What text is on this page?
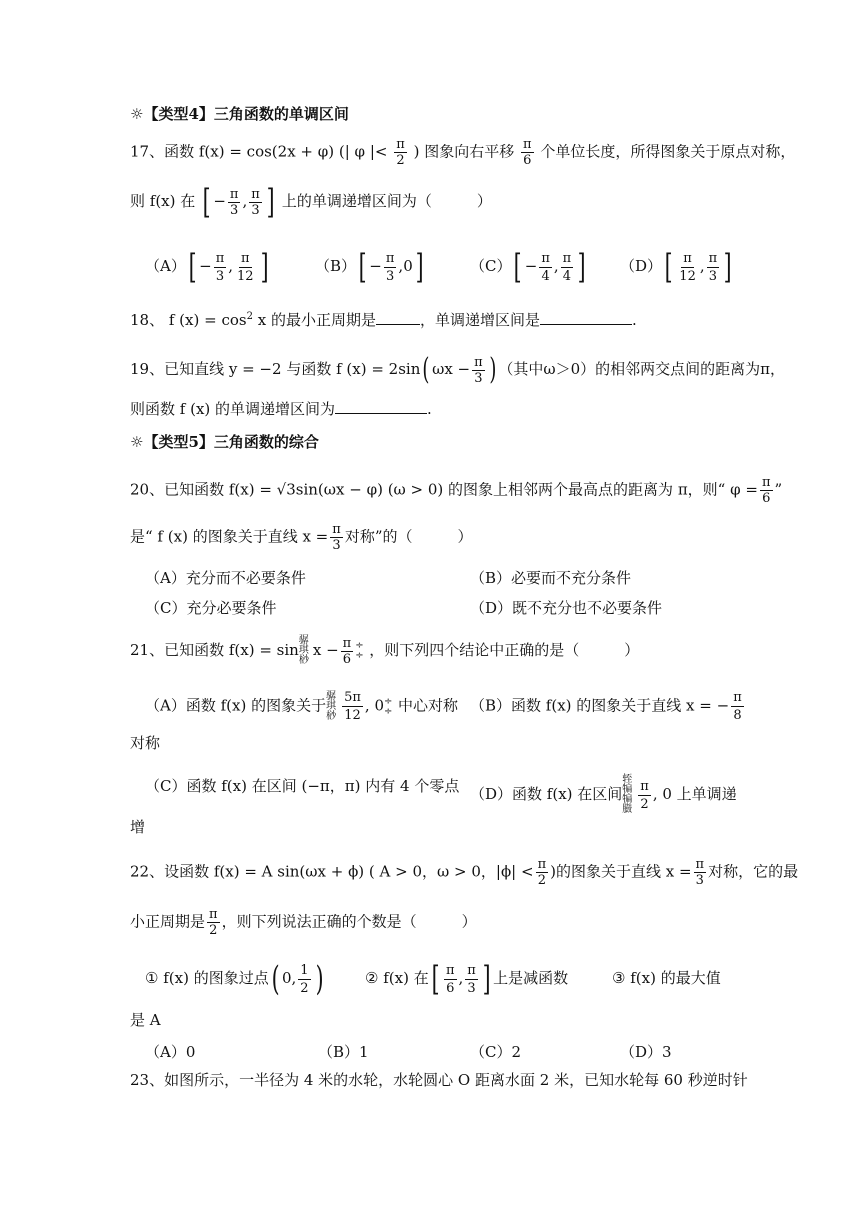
☼【类型4】三角函数的单调区间
17、函数 f(x) = cos(2x + φ) (| φ |< $\frac{\pi}{2}$ ) 图象向右平移 $\frac{\pi}{6}$ 个单位长度，所得图象关于原点对称，
则 f(x) 在 [ − $\frac{\pi}{3}$ , $\frac{\pi}{3}$ ] 上的单调递增区间为（　　　）
$(A)[ - \frac{\pi}{3}$ , $\frac{\pi}{12}$ ]	$(B)[ - \frac{\pi}{3} ,0]$	$(C)[ - \frac{\pi}{4}$ , $\frac{\pi}{4}$ ] $(D)[ \frac{\pi}{12}$ , $\frac{\pi}{3}$ ]
18、 f $(x) = \cos^2 x$ 的最小正周期是	，单调递增区间是	.
19、已知直线 y = −2 与函数 f (x) = 2sin( $\omega x - \frac{\pi}{3}$ ) （其中ω＞0）的相邻两交点间的距离为π，
则函数 f (x) 的单调递增区间为	.
☼【类型5】三角函数的综合
20、已知函数 f(x) = √3sin(ωx − φ) (ω > 0) 的图象上相邻两个最高点的距离为 π，则“ $\varphi = \frac{\pi}{6}$ ”
是“ f (x) 的图象关于直线 $x = \frac{\pi}{3}$ 对称”的（　　　）
（A）充分而不必要条件	（B）必要而不充分条件
（C）充分必要条件	（D）既不充分也不必要条件
21、已知函数 f(x) = sin骣
琪
桫$x - \frac{\pi}{6}$ ÷
÷
，则下列四个结论中正确的是（　　　）
（A）函数 f(x) 的图象关于骣
琪
桫 $\frac{5\pi}{12}$ , 0÷
÷
中心对称 （B）函数 f(x) 的图象关于直线 x = − $\frac{\pi}{8}$
对称
（C）函数 f(x) 在区间 (−π，π) 内有 4 个零点 （D）函数 f(x) 在区间轾
犏
犏
臌 $\frac{\pi}{2}$ , 0 上单调递
增
22、设函数 f(x) = A sin(ωx + ϕ) ( A > 0，ω > 0，$|\phi| < \frac{\pi}{2}$ )的图象关于直线 $x = \frac{\pi}{3}$ 对称，它的最
小正周期是 $\frac{\pi}{2}$ ，则下列说法正确的个数是（　　　）
① f(x) 的图象过点( 0, $\frac{1}{2}$ )	② f(x) 在[ $\frac{\pi}{6}$ , $\frac{\pi}{3}$ ] 上是减函数	③ f(x) 的最大值
是 A
（A）0	（B）1	（C）2	（D）3
23、如图所示，一半径为 4 米的水轮，水轮圆心 O 距离水面 2 米，已知水轮每 60 秒逆时针
